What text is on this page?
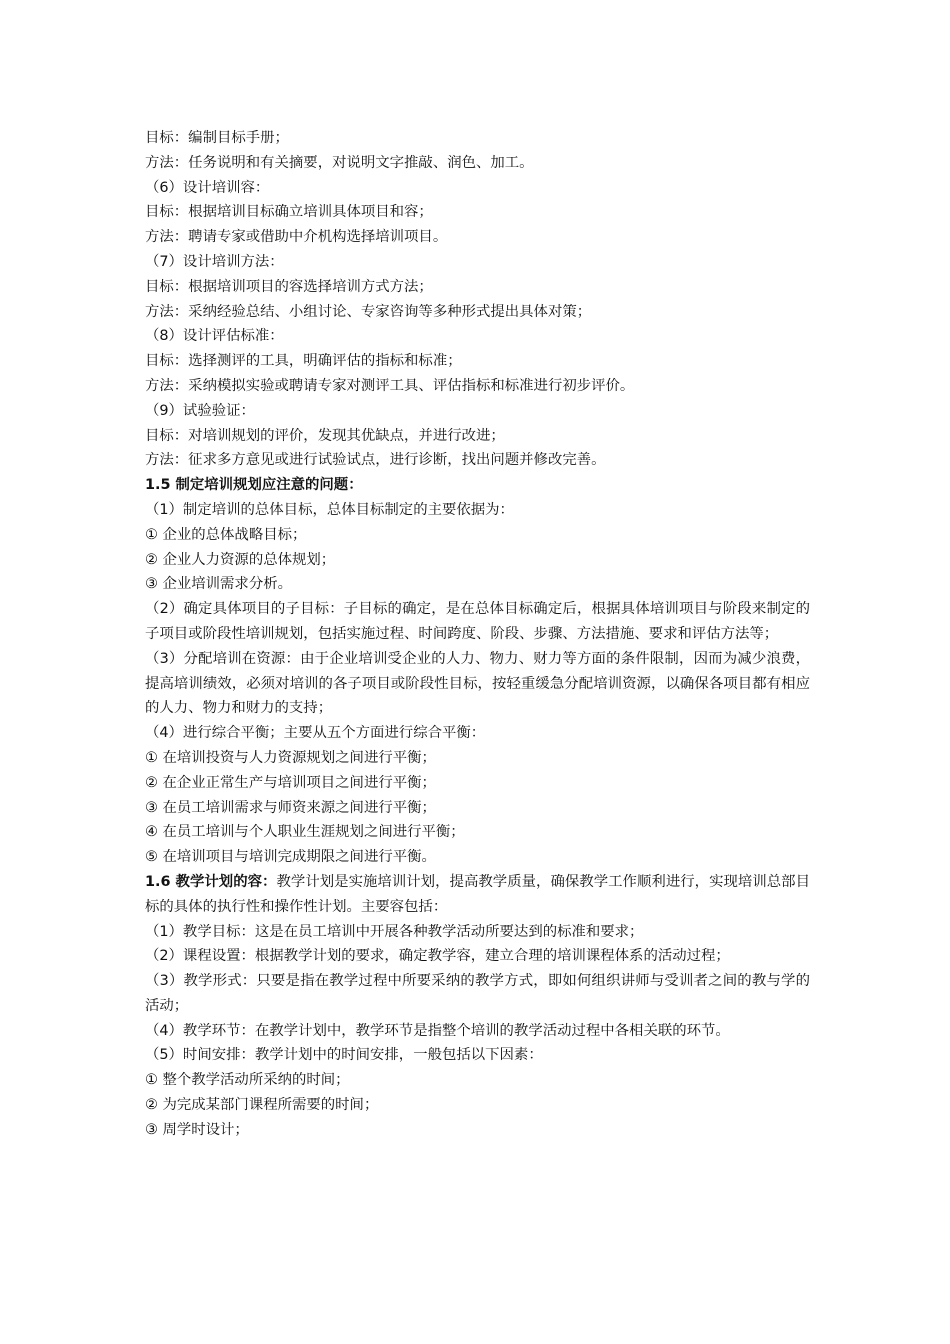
目标：编制目标手册；
方法：任务说明和有关摘要，对说明文字推敲、润色、加工。
（6）设计培训容：
目标：根据培训目标确立培训具体项目和容；
方法：聘请专家或借助中介机构选择培训项目。
（7）设计培训方法：
目标：根据培训项目的容选择培训方式方法；
方法：采纳经验总结、小组讨论、专家咨询等多种形式提出具体对策；
（8）设计评估标准：
目标：选择测评的工具，明确评估的指标和标准；
方法：采纳模拟实验或聘请专家对测评工具、评估指标和标准进行初步评价。
（9）试验验证：
目标：对培训规划的评价，发现其优缺点，并进行改进；
方法：征求多方意见或进行试验试点，进行诊断，找出问题并修改完善。
1.5 制定培训规划应注意的问题：
（1）制定培训的总体目标，总体目标制定的主要依据为：
① 企业的总体战略目标；
② 企业人力资源的总体规划；
③ 企业培训需求分析。
（2）确定具体项目的子目标：子目标的确定，是在总体目标确定后，根据具体培训项目与阶段来制定的子项目或阶段性培训规划，包括实施过程、时间跨度、阶段、步骤、方法措施、要求和评估方法等；
（3）分配培训在资源：由于企业培训受企业的人力、物力、财力等方面的条件限制，因而为减少浪费，提高培训绩效，必须对培训的各子项目或阶段性目标，按轻重缓急分配培训资源，以确保各项目都有相应的人力、物力和财力的支持；
（4）进行综合平衡；主要从五个方面进行综合平衡：
① 在培训投资与人力资源规划之间进行平衡；
② 在企业正常生产与培训项目之间进行平衡；
③ 在员工培训需求与师资来源之间进行平衡；
④ 在员工培训与个人职业生涯规划之间进行平衡；
⑤ 在培训项目与培训完成期限之间进行平衡。
1.6 教学计划的容：教学计划是实施培训计划，提高教学质量，确保教学工作顺利进行，实现培训总部目标的具体的执行性和操作性计划。主要容包括：
（1）教学目标：这是在员工培训中开展各种教学活动所要达到的标准和要求；
（2）课程设置：根据教学计划的要求，确定教学容，建立合理的培训课程体系的活动过程；
（3）教学形式：只要是指在教学过程中所要采纳的教学方式，即如何组织讲师与受训者之间的教与学的活动；
（4）教学环节：在教学计划中，教学环节是指整个培训的教学活动过程中各相关联的环节。
（5）时间安排：教学计划中的时间安排，一般包括以下因素：
① 整个教学活动所采纳的时间；
② 为完成某部门课程所需要的时间；
③ 周学时设计；
